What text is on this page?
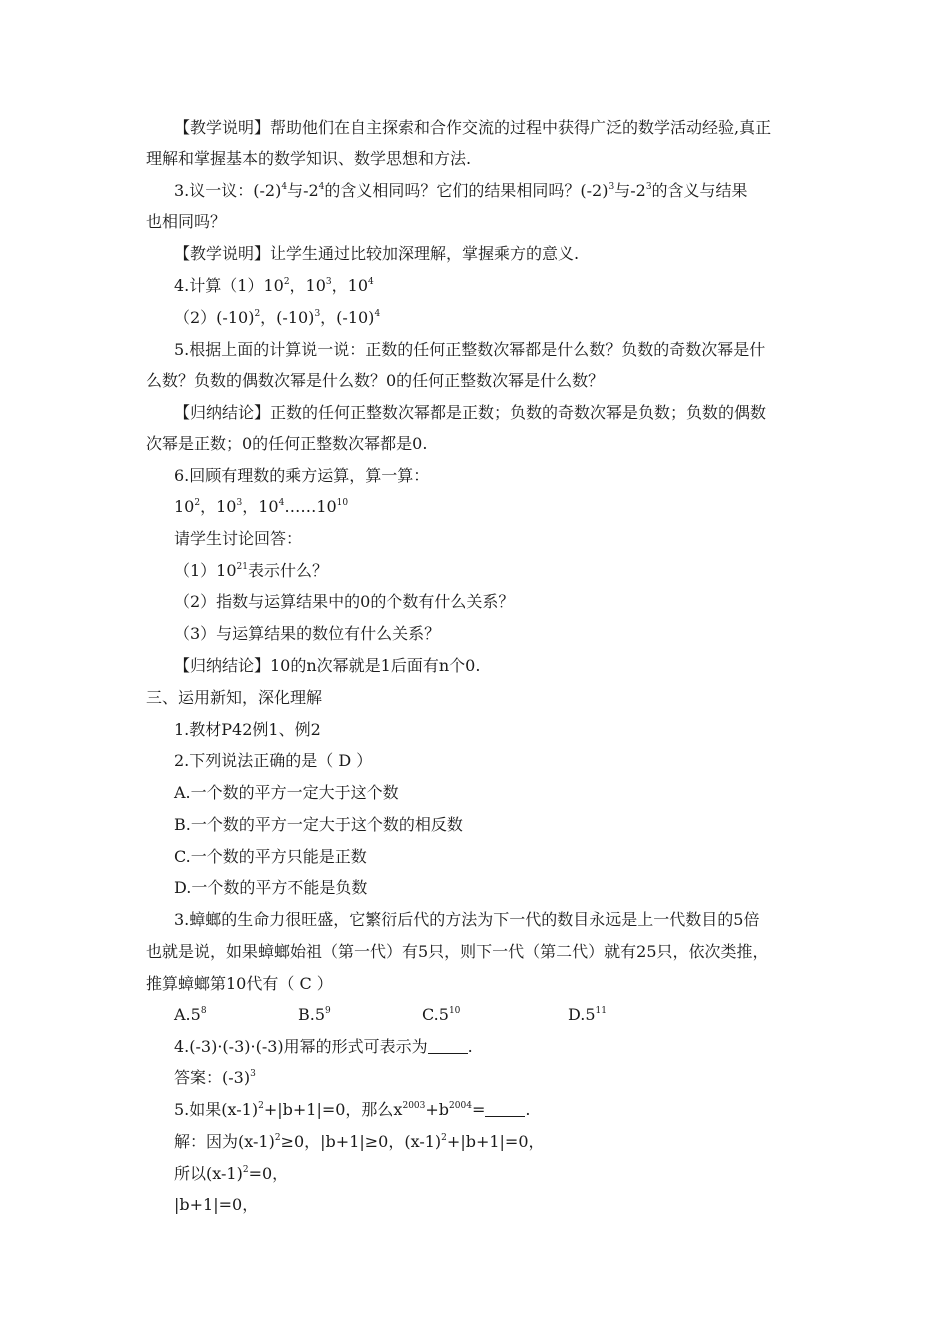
【教学说明】帮助他们在自主探索和合作交流的过程中获得广泛的数学活动经验,真正
理解和掌握基本的数学知识、数学思想和方法.
3.议一议：$(-2)^4$与$-2^4$的含义相同吗？它们的结果相同吗？$(-2)^3$与$-2^3$的含义与结果
也相同吗？
【教学说明】让学生通过比较加深理解，掌握乘方的意义.
4.计算$(1)10^2$，$10^3$，$10^4$
$(2)(-10)^2$，$(-10)^3$，$(-10)^4$
5.根据上面的计算说一说：正数的任何正整数次幂都是什么数？负数的奇数次幂是什
么数？负数的偶数次幂是什么数？0的任何正整数次幂是什么数？
【归纳结论】正数的任何正整数次幂都是正数；负数的奇数次幂是负数；负数的偶数
次幂是正数；0的任何正整数次幂都是0.
6.回顾有理数的乘方运算，算一算：
$10^2$，$10^3$，$10^4\dots\dots 10^{10}$
请学生讨论回答：
$(1)10^{21}$表示什么？
（2）指数与运算结果中的0的个数有什么关系？
（3）与运算结果的数位有什么关系？
【归纳结论】10的n次幂就是1后面有n个0.
三、运用新知，深化理解
1.教材P42例1、例2
2.下列说法正确的是（ D ）
A.一个数的平方一定大于这个数
B.一个数的平方一定大于这个数的相反数
C.一个数的平方只能是正数
D.一个数的平方不能是负数
3.蟑螂的生命力很旺盛，它繁衍后代的方法为下一代的数目永远是上一代数目的5倍
也就是说，如果蟑螂始祖（第一代）有5只，则下一代（第二代）就有25只，依次类推，
推算蟑螂第10代有（ C ）
$A.5^8$	$B.5^9$	$C.5^{10}$	$D.5^{11}$
4.(-3)·(-3)·(-3)用幂的形式可表示为	.
答案：$(-3)^3$
5.如果$(x-1)^2+|b+1|=0$，那么$x^{2003}+b^{2004}=$	.
解：因为$(x-1)^2\ge 0$，|b+1|≥0，$(x-1)^2+|b+1|=0$，
所以$(x-1)^2=0$，
|b+1|=0，
